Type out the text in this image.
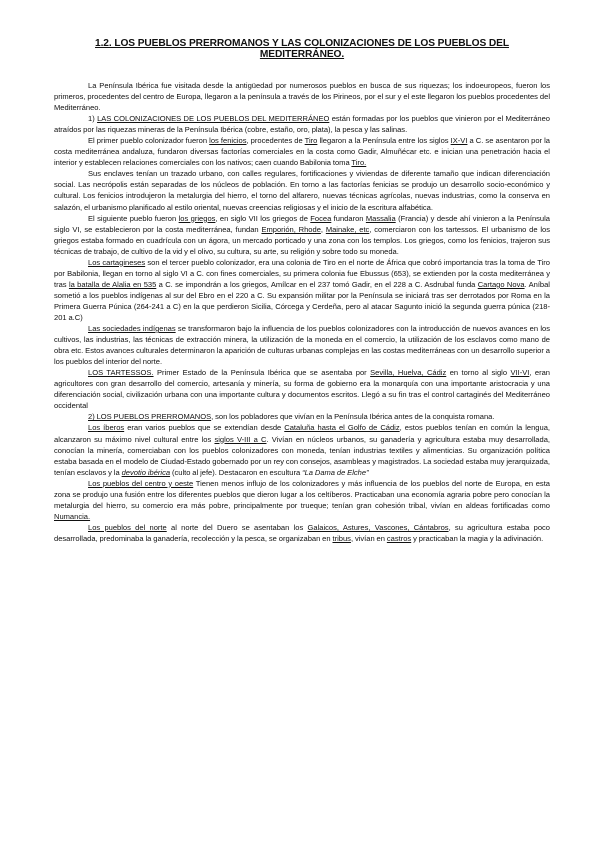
1.2. LOS PUEBLOS PRERROMANOS Y LAS COLONIZACIONES DE LOS PUEBLOS DEL MEDITERRÁNEO.

La Península Ibérica fue visitada desde la antigüedad por numerosos pueblos en busca de sus riquezas; los indoeuropeos, fueron los primeros, procedentes del centro de Europa, llegaron a la península a través de los Pirineos, por el sur y el este llegaron los pueblos procedentes del Mediterráneo.

1) LAS COLONIZACIONES DE LOS PUEBLOS DEL MEDITERRÁNEO están formadas por los pueblos que vinieron por el Mediterráneo atraídos por las riquezas mineras de la Península Ibérica (cobre, estaño, oro, plata), la pesca y las salinas.

El primer pueblo colonizador fueron los fenicios, procedentes de Tiro llegaron a la Península entre los siglos IX-VI a C. se asentaron por la costa mediterránea andaluza, fundaron diversas factorías comerciales en la costa como Gadir, Almuñécar etc. e inician una penetración hacia el interior y establecen relaciones comerciales con los nativos; caen cuando Babilonia toma Tiro.

Sus enclaves tenían un trazado urbano, con calles regulares, fortificaciones y viviendas de diferente tamaño que indican diferenciación social. Las necrópolis están separadas de los núcleos de población. En torno a las factorías fenicias se produjo un desarrollo socio-económico y cultural. Los fenicios introdujeron la metalurgia del hierro, el torno del alfarero, nuevas técnicas agrícolas, nuevas industrias, como la conserva en salazón, el urbanismo planificado al estilo oriental, nuevas creencias religiosas y el inicio de la escritura alfabética.

El siguiente pueblo fueron los griegos, en siglo VII los griegos de Focea fundaron Massalia (Francia) y desde ahí vinieron a la Península siglo VI, se establecieron por la costa mediterránea, fundan Emporión, Rhode, Mainake, etc, comerciaron con los tartessos. El urbanismo de los griegos estaba formado en cuadrícula con un ágora, un mercado porticado y una zona con los templos. Los griegos, como los fenicios, trajeron sus técnicas de trabajo, de cultivo de la vid y el olivo, su cultura, su arte, su religión y sobre todo su moneda.

Los cartagineses son el tercer pueblo colonizador, era una colonia de Tiro en el norte de África que cobró importancia tras la toma de Tiro por Babilonia, llegan en torno al siglo VI a C. con fines comerciales, su primera colonia fue Ebussus (653), se extienden por la costa mediterránea y tras la batalla de Alalia en 535 a C. se impondrán a los griegos, Amílcar en el 237 tomó Gadir, en el 228 a C. Asdrubal funda Cartago Nova. Aníbal sometió a los pueblos indígenas al sur del Ebro en el 220 a C. Su expansión militar por la Península se iniciará tras ser derrotados por Roma en la Primera Guerra Púnica (264-241 a C) en la que perdieron Sicilia, Córcega y Cerdeña, pero al atacar Sagunto inició la segunda guerra púnica (218-201 a.C)

Las sociedades indígenas se transformaron bajo la influencia de los pueblos colonizadores con la introducción de nuevos avances en los cultivos, las industrias, las técnicas de extracción minera, la utilización de la moneda en el comercio, la utilización de los esclavos como mano de obra etc. Estos avances culturales determinaron la aparición de culturas urbanas complejas en las costas mediterráneas con un desarrollo superior a los pueblos del interior del norte.

LOS TARTESSOS. Primer Estado de la Península Ibérica que se asentaba por Sevilla, Huelva, Cádiz en torno al siglo VII-VI, eran agricultores con gran desarrollo del comercio, artesanía y minería, su forma de gobierno era la monarquía con una importante aristocracia y una diferenciación social, civilización urbana con una importante cultura y documentos escritos. Llegó a su fin tras el control cartaginés del Mediterráneo occidental

2) LOS PUEBLOS PRERROMANOS, son los pobladores que vivían en la Península Ibérica antes de la conquista romana.

Los íberos eran varios pueblos que se extendían desde Cataluña hasta el Golfo de Cádiz, estos pueblos tenían en común la lengua, alcanzaron su máximo nivel cultural entre los siglos V-III a C. Vivían en núcleos urbanos, su ganadería y agricultura estaba muy desarrollada, conocían la minería, comerciaban con los pueblos colonizadores con moneda, tenían industrias textiles y alimenticias. Su organización política estaba basada en el modelo de Ciudad-Estado gobernado por un rey con consejos, asambleas y magistrados. La sociedad estaba muy jerarquizada, tenían esclavos y la devotio ibérica (culto al jefe). Destacaron en escultura “La Dama de Elche”

Los pueblos del centro y oeste Tienen menos influjo de los colonizadores y más influencia de los pueblos del norte de Europa, en esta zona se produjo una fusión entre los diferentes pueblos que dieron lugar a los celtíberos. Practicaban una economía agraria pobre pero conocían la metalurgia del hierro, su comercio era más pobre, principalmente por trueque; tenían gran cohesión tribal, vivían en aldeas fortificadas como Numancia.

Los pueblos del norte al norte del Duero se asentaban los Galaicos, Astures, Vascones, Cántabros, su agricultura estaba poco desarrollada, predominaba la ganadería, recolección y la pesca, se organizaban en tribus, vivían en castros y practicaban la magia y la adivinación.
